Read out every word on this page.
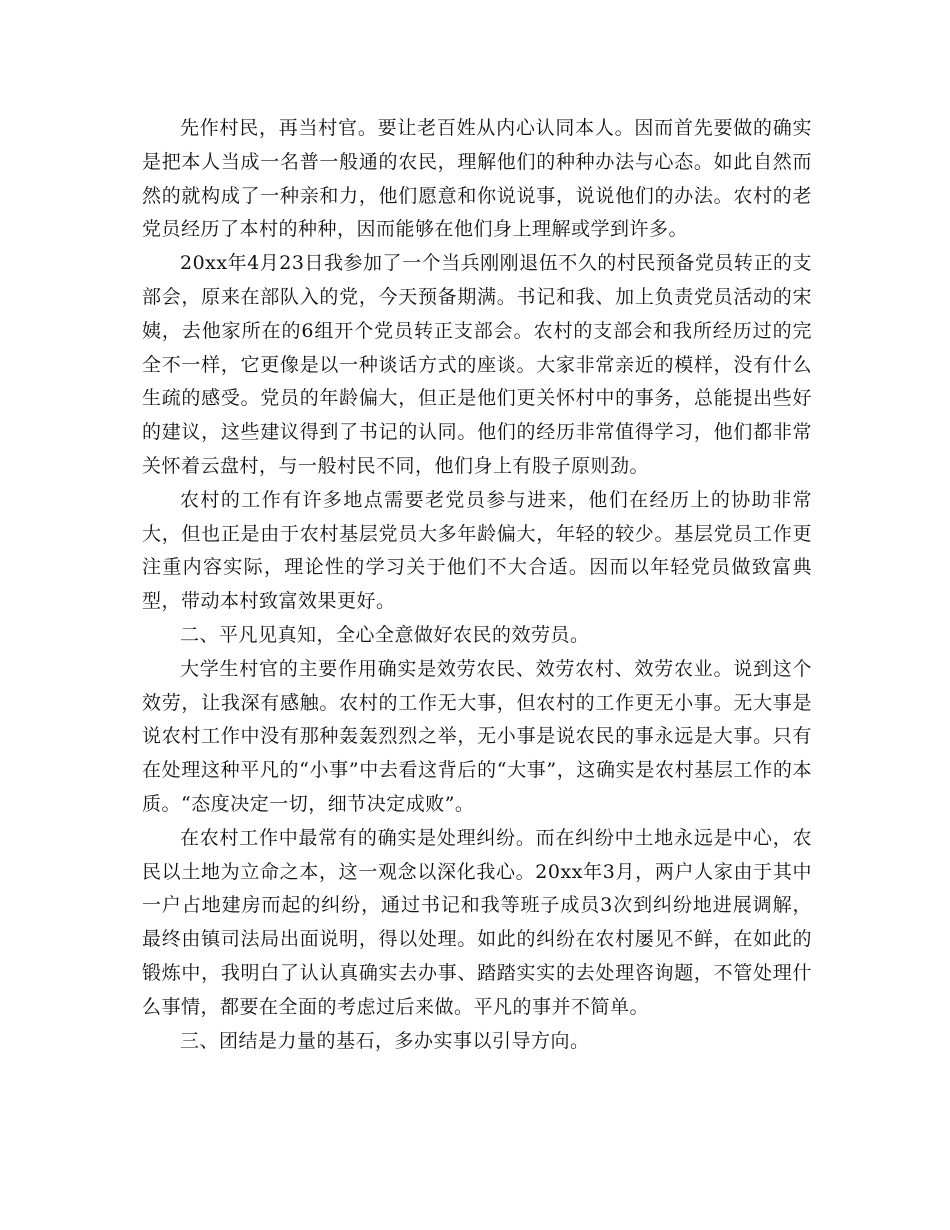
先作村民，再当村官。要让老百姓从内心认同本人。因而首先要做的确实是把本人当成一名普一般通的农民，理解他们的种种办法与心态。如此自然而然的就构成了一种亲和力，他们愿意和你说说事，说说他们的办法。农村的老党员经历了本村的种种，因而能够在他们身上理解或学到许多。

20xx年4月23日我参加了一个当兵刚刚退伍不久的村民预备党员转正的支部会，原来在部队入的党，今天预备期满。书记和我、加上负责党员活动的宋姨，去他家所在的6组开个党员转正支部会。农村的支部会和我所经历过的完全不一样，它更像是以一种谈话方式的座谈。大家非常亲近的模样，没有什么生疏的感受。党员的年龄偏大，但正是他们更关怀村中的事务，总能提出些好的建议，这些建议得到了书记的认同。他们的经历非常值得学习，他们都非常关怀着云盘村，与一般村民不同，他们身上有股子原则劲。

农村的工作有许多地点需要老党员参与进来，他们在经历上的协助非常大，但也正是由于农村基层党员大多年龄偏大，年轻的较少。基层党员工作更注重内容实际，理论性的学习关于他们不大合适。因而以年轻党员做致富典型，带动本村致富效果更好。

二、平凡见真知，全心全意做好农民的效劳员。

大学生村官的主要作用确实是效劳农民、效劳农村、效劳农业。说到这个效劳，让我深有感触。农村的工作无大事，但农村的工作更无小事。无大事是说农村工作中没有那种轰轰烈烈之举，无小事是说农民的事永远是大事。只有在处理这种平凡的“小事”中去看这背后的“大事”，这确实是农村基层工作的本质。“态度决定一切，细节决定成败”。

在农村工作中最常有的确实是处理纠纷。而在纠纷中土地永远是中心，农民以土地为立命之本，这一观念以深化我心。20xx年3月，两户人家由于其中一户占地建房而起的纠纷，通过书记和我等班子成员3次到纠纷地进展调解，最终由镇司法局出面说明，得以处理。如此的纠纷在农村屡见不鲜，在如此的锻炼中，我明白了认认真确实去办事、踏踏实实的去处理咨询题，不管处理什么事情，都要在全面的考虑过后来做。平凡的事并不简单。

三、团结是力量的基石，多办实事以引导方向。
